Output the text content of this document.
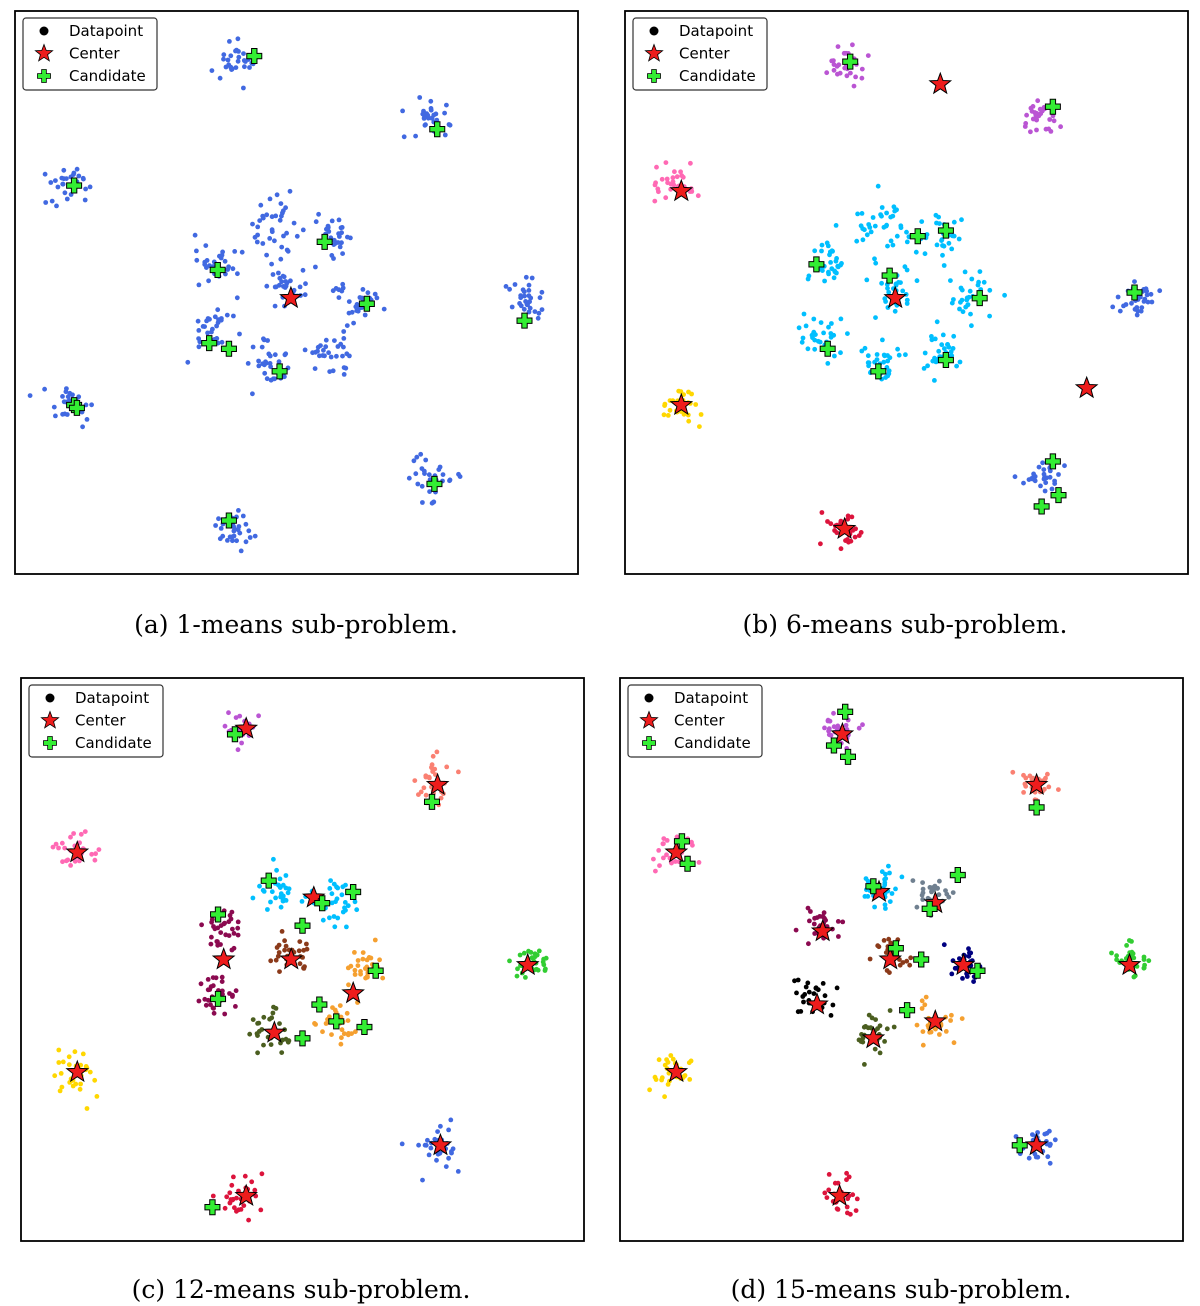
Datapoint
Center
Candidate
(a) 1-means sub-problem.
Datapoint
Center
Candidate
(b) 6-means sub-problem.
Datapoint
Center
Candidate
(c) 12-means sub-problem.
Datapoint
Center
Candidate
(d) 15-means sub-problem.
